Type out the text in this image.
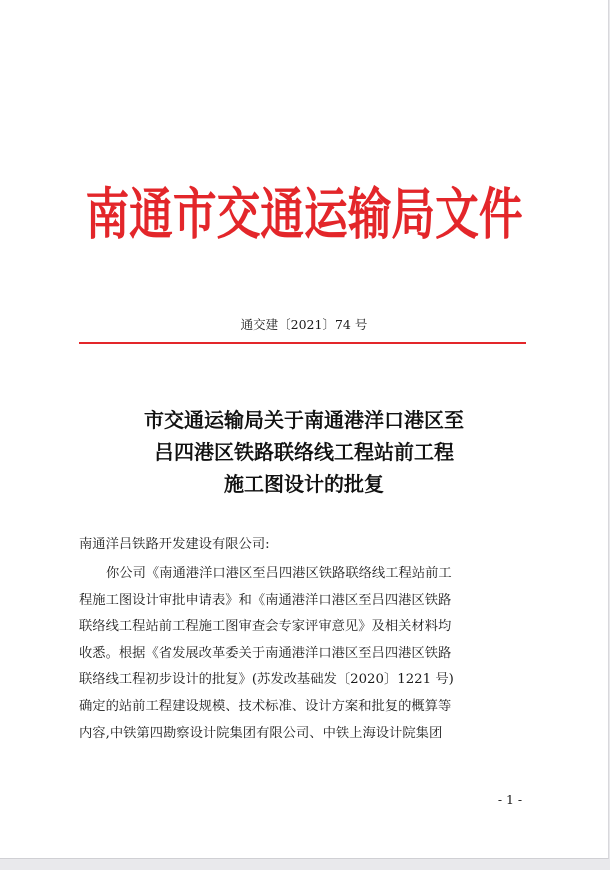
南通市交通运输局文件
通交建〔2021〕74 号
市交通运输局关于南通港洋口港区至
吕四港区铁路联络线工程站前工程
施工图设计的批复
南通洋吕铁路开发建设有限公司:
你公司《南通港洋口港区至吕四港区铁路联络线工程站前工
程施工图设计审批申请表》和《南通港洋口港区至吕四港区铁路
联络线工程站前工程施工图审查会专家评审意见》及相关材料均
收悉。根据《省发展改革委关于南通港洋口港区至吕四港区铁路
联络线工程初步设计的批复》(苏发改基础发〔2020〕1221 号)
确定的站前工程建设规模、技术标准、设计方案和批复的概算等
内容,中铁第四勘察设计院集团有限公司、中铁上海设计院集团
- 1 -
